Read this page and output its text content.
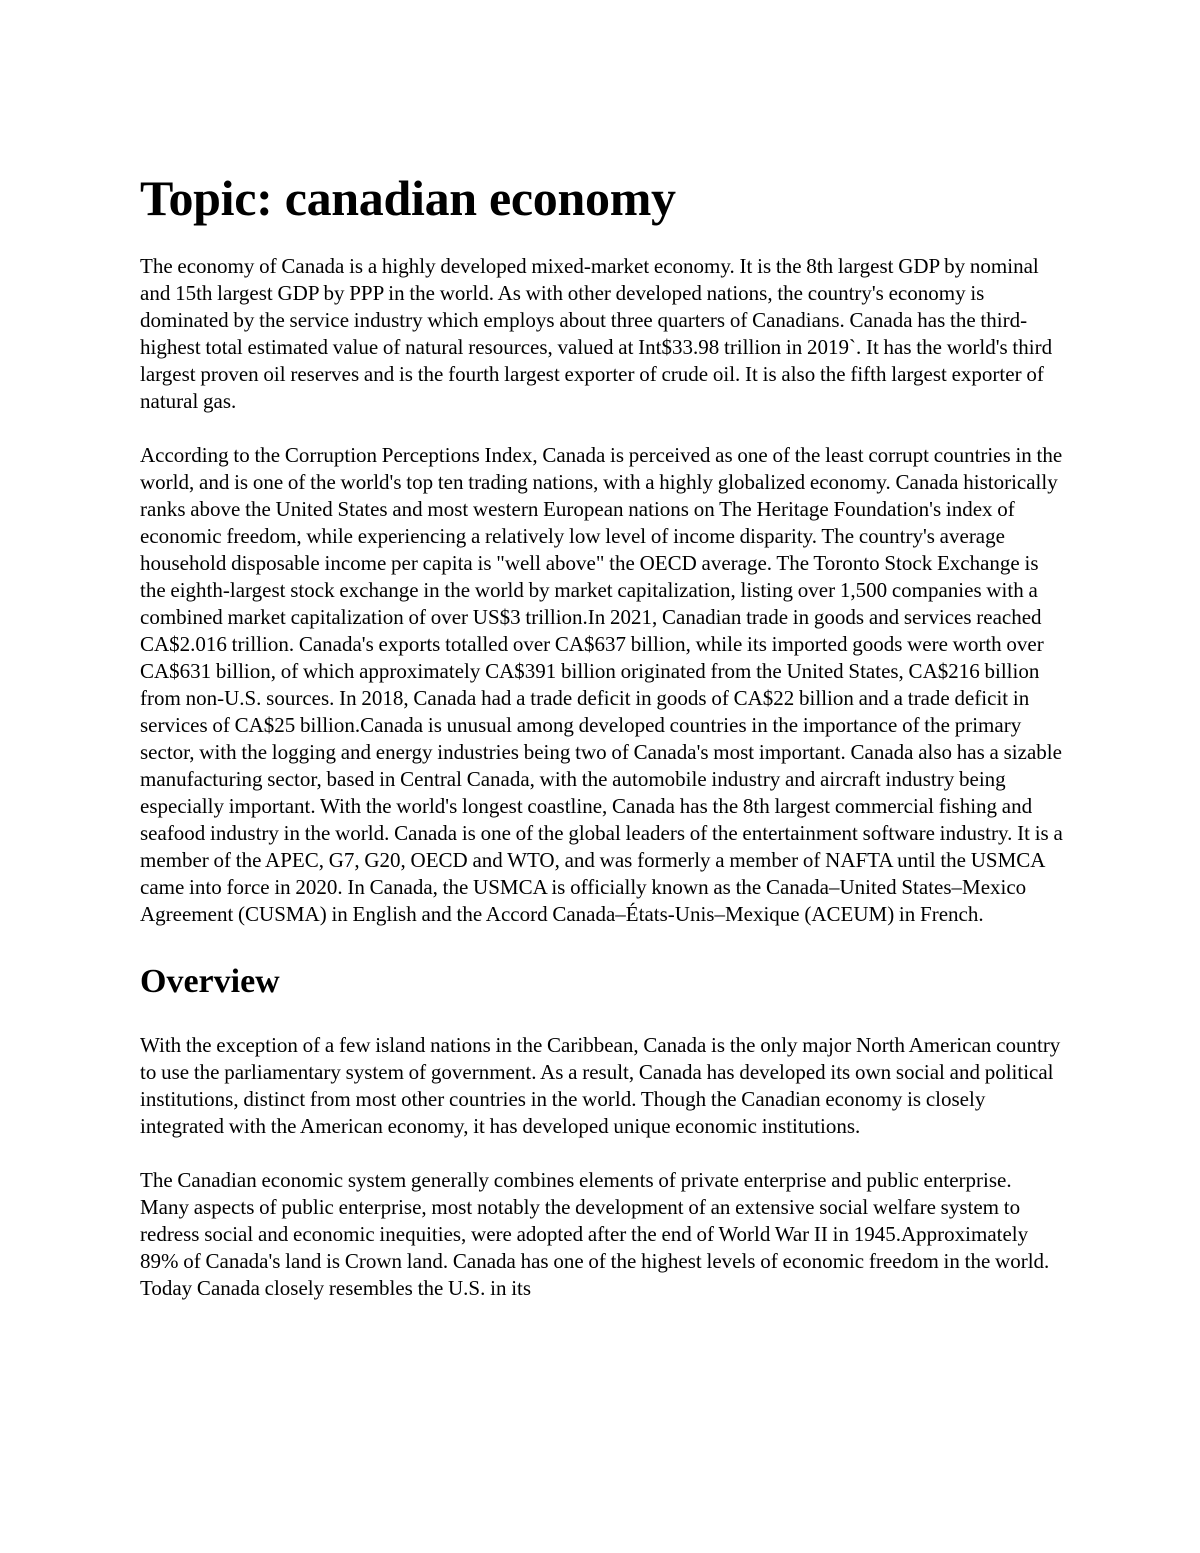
Topic: canadian economy

The economy of Canada is a highly developed mixed-market economy. It is the 8th largest GDP by nominal and 15th largest GDP by PPP in the world. As with other developed nations, the country's economy is dominated by the service industry which employs about three quarters of Canadians. Canada has the third-highest total estimated value of natural resources, valued at Int$33.98 trillion in 2019`. It has the world's third largest proven oil reserves and is the fourth largest exporter of crude oil. It is also the fifth largest exporter of natural gas.

According to the Corruption Perceptions Index, Canada is perceived as one of the least corrupt countries in the world, and is one of the world's top ten trading nations, with a highly globalized economy. Canada historically ranks above the United States and most western European nations on The Heritage Foundation's index of economic freedom, while experiencing a relatively low level of income disparity. The country's average household disposable income per capita is "well above" the OECD average. The Toronto Stock Exchange is the eighth-largest stock exchange in the world by market capitalization, listing over 1,500 companies with a combined market capitalization of over US$3 trillion.In 2021, Canadian trade in goods and services reached CA$2.016 trillion. Canada's exports totalled over CA$637 billion, while its imported goods were worth over CA$631 billion, of which approximately CA$391 billion originated from the United States, CA$216 billion from non-U.S. sources. In 2018, Canada had a trade deficit in goods of CA$22 billion and a trade deficit in services of CA$25 billion.Canada is unusual among developed countries in the importance of the primary sector, with the logging and energy industries being two of Canada's most important. Canada also has a sizable manufacturing sector, based in Central Canada, with the automobile industry and aircraft industry being especially important. With the world's longest coastline, Canada has the 8th largest commercial fishing and seafood industry in the world. Canada is one of the global leaders of the entertainment software industry. It is a member of the APEC, G7, G20, OECD and WTO, and was formerly a member of NAFTA until the USMCA came into force in 2020. In Canada, the USMCA is officially known as the Canada–United States–Mexico Agreement (CUSMA) in English and the Accord Canada–États-Unis–Mexique (ACEUM) in French.

Overview

With the exception of a few island nations in the Caribbean, Canada is the only major North American country to use the parliamentary system of government. As a result, Canada has developed its own social and political institutions, distinct from most other countries in the world. Though the Canadian economy is closely integrated with the American economy, it has developed unique economic institutions.

The Canadian economic system generally combines elements of private enterprise and public enterprise. Many aspects of public enterprise, most notably the development of an extensive social welfare system to redress social and economic inequities, were adopted after the end of World War II in 1945.Approximately 89% of Canada's land is Crown land. Canada has one of the highest levels of economic freedom in the world. Today Canada closely resembles the U.S. in its
